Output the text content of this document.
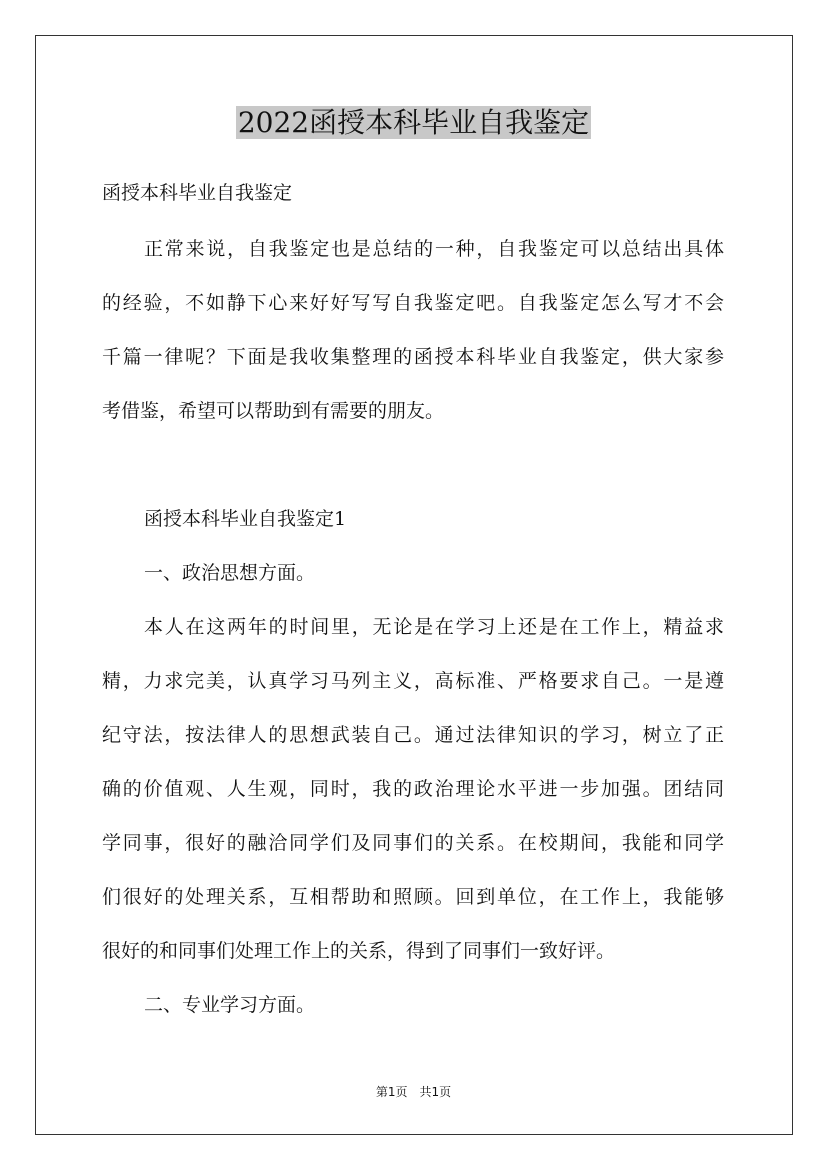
2022函授本科毕业自我鉴定
函授本科毕业自我鉴定
正常来说，自我鉴定也是总结的一种，自我鉴定可以总结出具体
的经验，不如静下心来好好写写自我鉴定吧。自我鉴定怎么写才不会
千篇一律呢？下面是我收集整理的函授本科毕业自我鉴定，供大家参
考借鉴，希望可以帮助到有需要的朋友。
函授本科毕业自我鉴定1
一、政治思想方面。
本人在这两年的时间里，无论是在学习上还是在工作上，精益求
精，力求完美，认真学习马列主义，高标准、严格要求自己。一是遵
纪守法，按法律人的思想武装自己。通过法律知识的学习，树立了正
确的价值观、人生观，同时，我的政治理论水平进一步加强。团结同
学同事，很好的融洽同学们及同事们的关系。在校期间，我能和同学
们很好的处理关系，互相帮助和照顾。回到单位，在工作上，我能够
很好的和同事们处理工作上的关系，得到了同事们一致好评。
二、专业学习方面。
第1页　共1页
